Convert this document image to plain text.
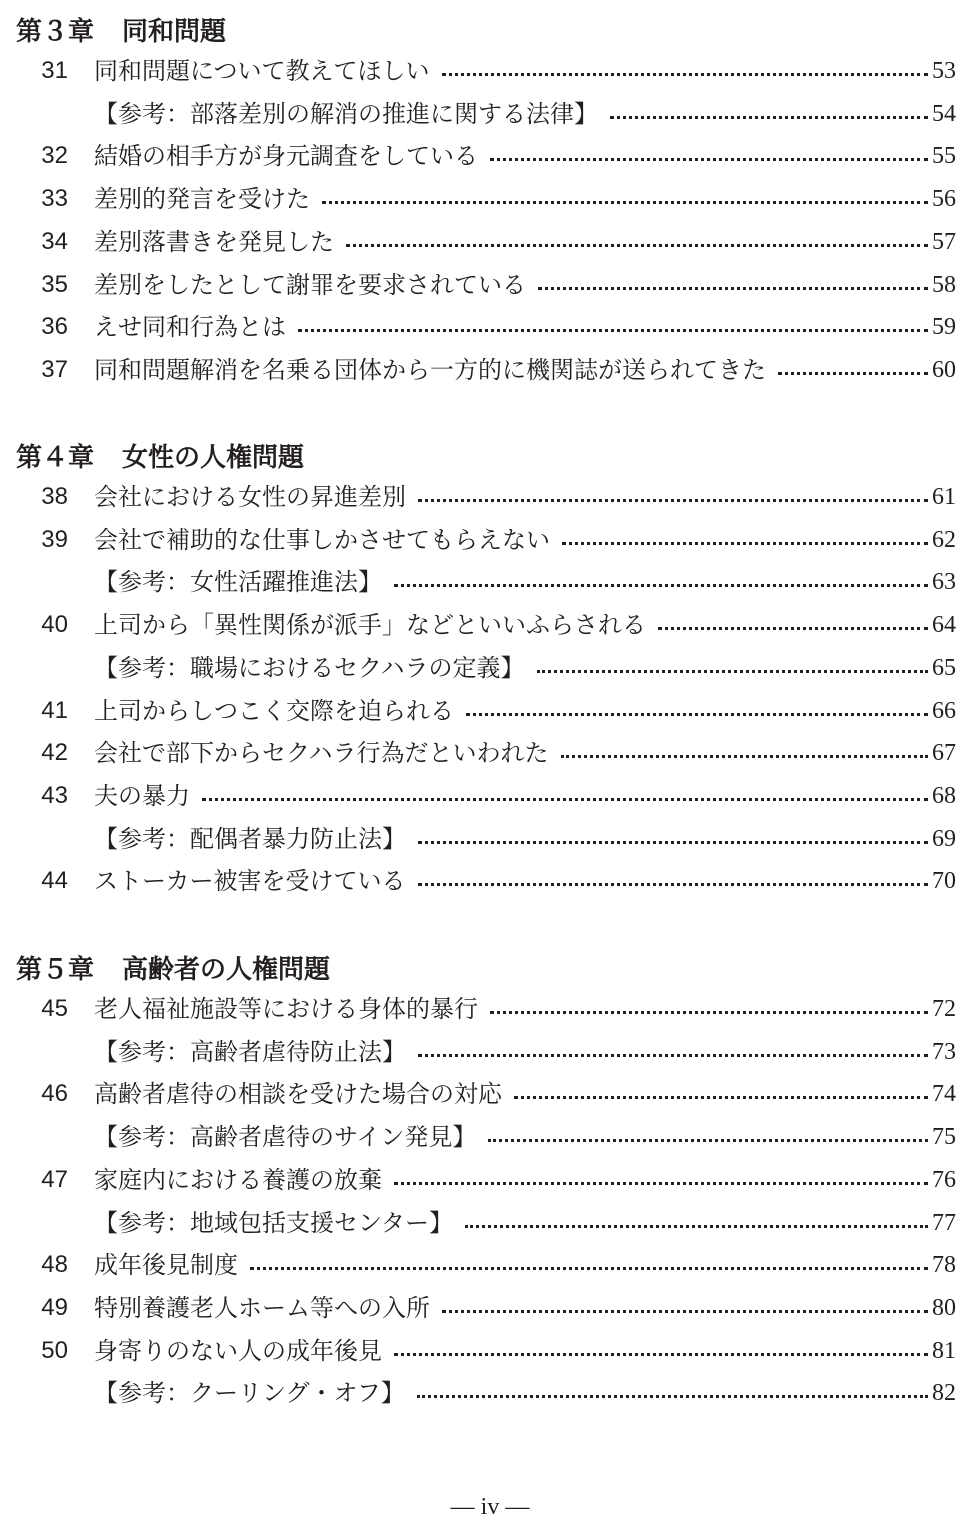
第３章 同和問題
31	同和問題について教えてほしい	53
【参考：部落差別の解消の推進に関する法律】	54
32	結婚の相手方が身元調査をしている	55
33	差別的発言を受けた	56
34	差別落書きを発見した	57
35	差別をしたとして謝罪を要求されている	58
36	えせ同和行為とは	59
37	同和問題解消を名乗る団体から一方的に機関誌が送られてきた	60
第４章 女性の人権問題
38	会社における女性の昇進差別	61
39	会社で補助的な仕事しかさせてもらえない	62
【参考：女性活躍推進法】	63
40	上司から「異性関係が派手」などといいふらされる	64
【参考：職場におけるセクハラの定義】	65
41	上司からしつこく交際を迫られる	66
42	会社で部下からセクハラ行為だといわれた	67
43	夫の暴力	68
【参考：配偶者暴力防止法】	69
44	ストーカー被害を受けている	70
第５章 高齢者の人権問題
45	老人福祉施設等における身体的暴行	72
【参考：高齢者虐待防止法】	73
46	高齢者虐待の相談を受けた場合の対応	74
【参考：高齢者虐待のサイン発見】	75
47	家庭内における養護の放棄	76
【参考：地域包括支援センター】	77
48	成年後見制度	78
49	特別養護老人ホーム等への入所	80
50	身寄りのない人の成年後見	81
【参考：クーリング・オフ】	82
— iv —
